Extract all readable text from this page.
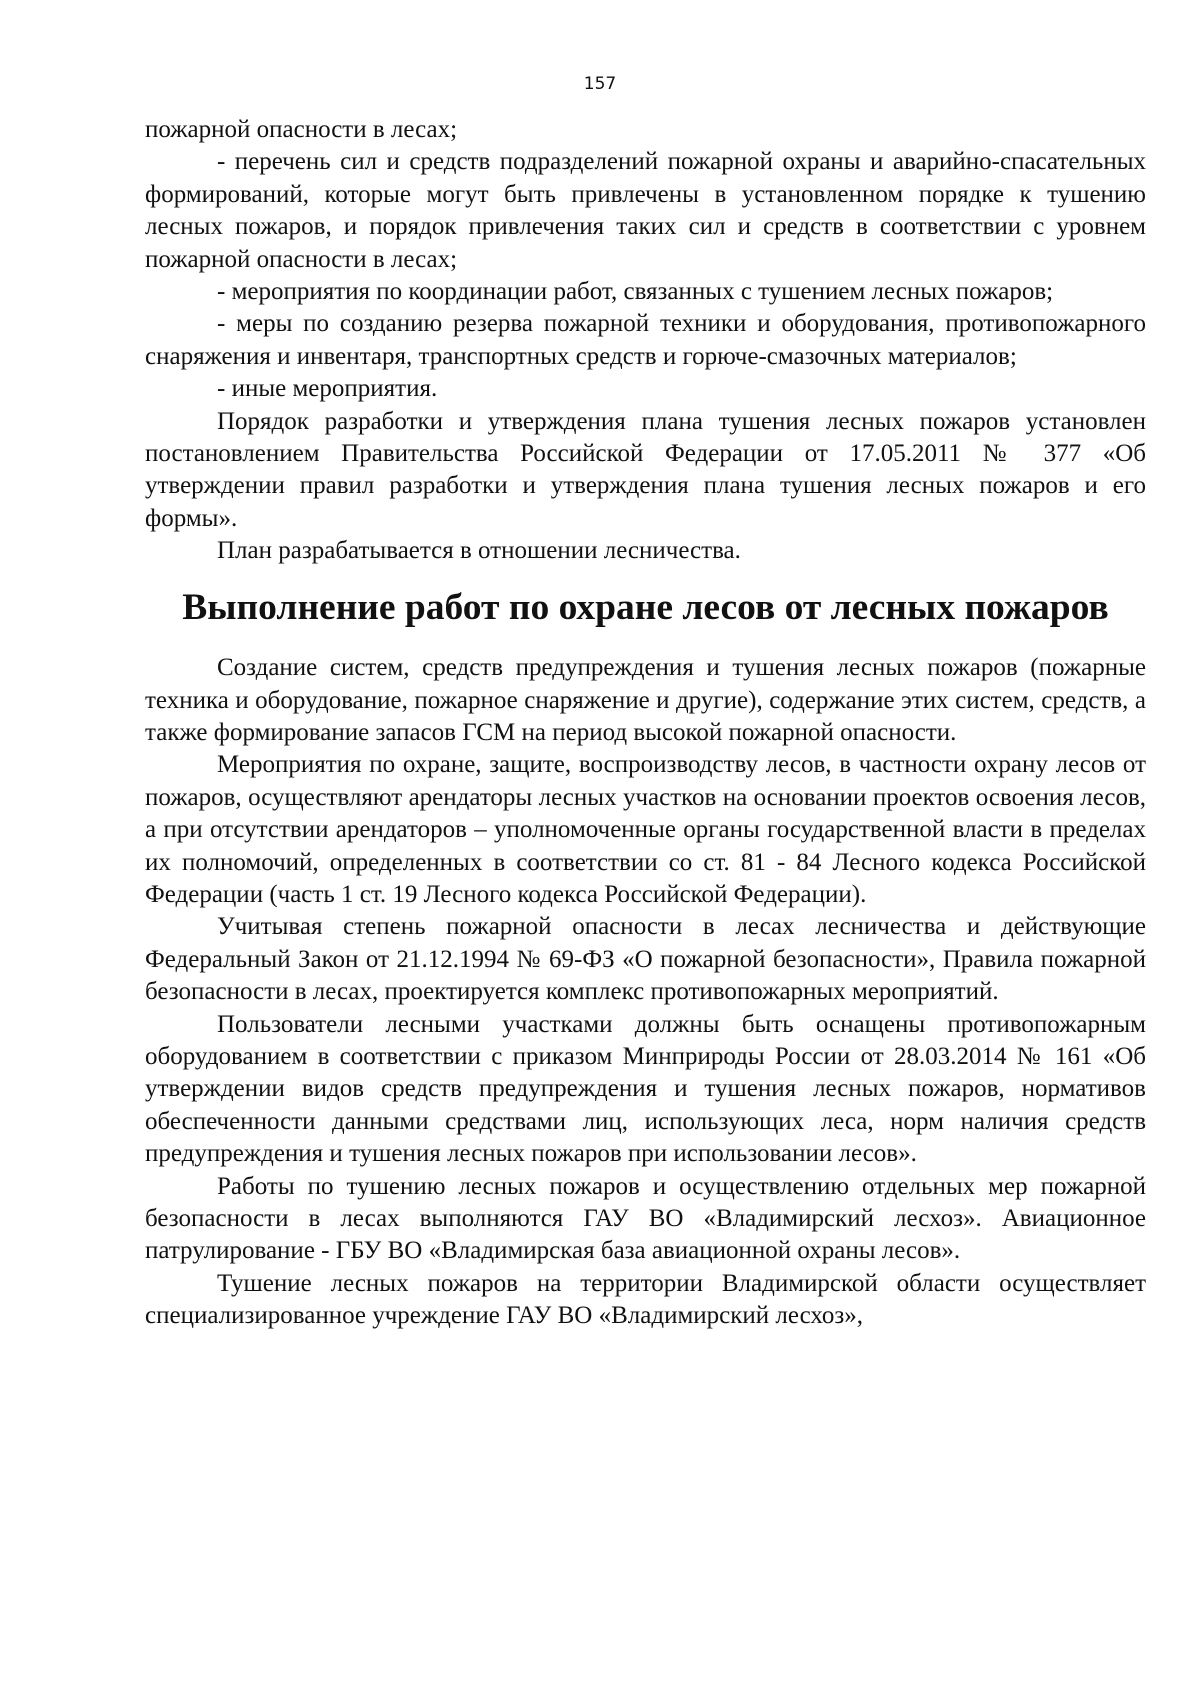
157

пожарной опасности в лесах;

- перечень сил и средств подразделений пожарной охраны и аварийно-спасательных формирований, которые могут быть привлечены в установленном порядке к тушению лесных пожаров, и порядок привлечения таких сил и средств в соответствии с уровнем пожарной опасности в лесах;

- мероприятия по координации работ, связанных с тушением лесных пожаров;

- меры по созданию резерва пожарной техники и оборудования, противопожарного снаряжения и инвентаря, транспортных средств и горюче-смазочных материалов;

- иные мероприятия.

Порядок разработки и утверждения плана тушения лесных пожаров установлен постановлением Правительства Российской Федерации от 17.05.2011 № 377 «Об утверждении правил разработки и утверждения плана тушения лесных пожаров и его формы».

План разрабатывается в отношении лесничества.

Выполнение работ по охране лесов от лесных пожаров

Создание систем, средств предупреждения и тушения лесных пожаров (пожарные техника и оборудование, пожарное снаряжение и другие), содержание этих систем, средств, а также формирование запасов ГСМ на период высокой пожарной опасности.

Мероприятия по охране, защите, воспроизводству лесов, в частности охрану лесов от пожаров, осуществляют арендаторы лесных участков на основании проектов освоения лесов, а при отсутствии арендаторов – уполномоченные органы государственной власти в пределах их полномочий, определенных в соответствии со ст. 81 - 84 Лесного кодекса Российской Федерации (часть 1 ст. 19 Лесного кодекса Российской Федерации).

Учитывая степень пожарной опасности в лесах лесничества и действующие Федеральный Закон от 21.12.1994 № 69-ФЗ «О пожарной безопасности», Правила пожарной безопасности в лесах, проектируется комплекс противопожарных мероприятий.

Пользователи лесными участками должны быть оснащены противопожарным оборудованием в соответствии с приказом Минприроды России от 28.03.2014 № 161 «Об утверждении видов средств предупреждения и тушения лесных пожаров, нормативов обеспеченности данными средствами лиц, использующих леса, норм наличия средств предупреждения и тушения лесных пожаров при использовании лесов».

Работы по тушению лесных пожаров и осуществлению отдельных мер пожарной безопасности в лесах выполняются ГАУ ВО «Владимирский лесхоз». Авиационное патрулирование - ГБУ ВО «Владимирская база авиационной охраны лесов».

Тушение лесных пожаров на территории Владимирской области осуществляет специализированное учреждение ГАУ ВО «Владимирский лесхоз»,
